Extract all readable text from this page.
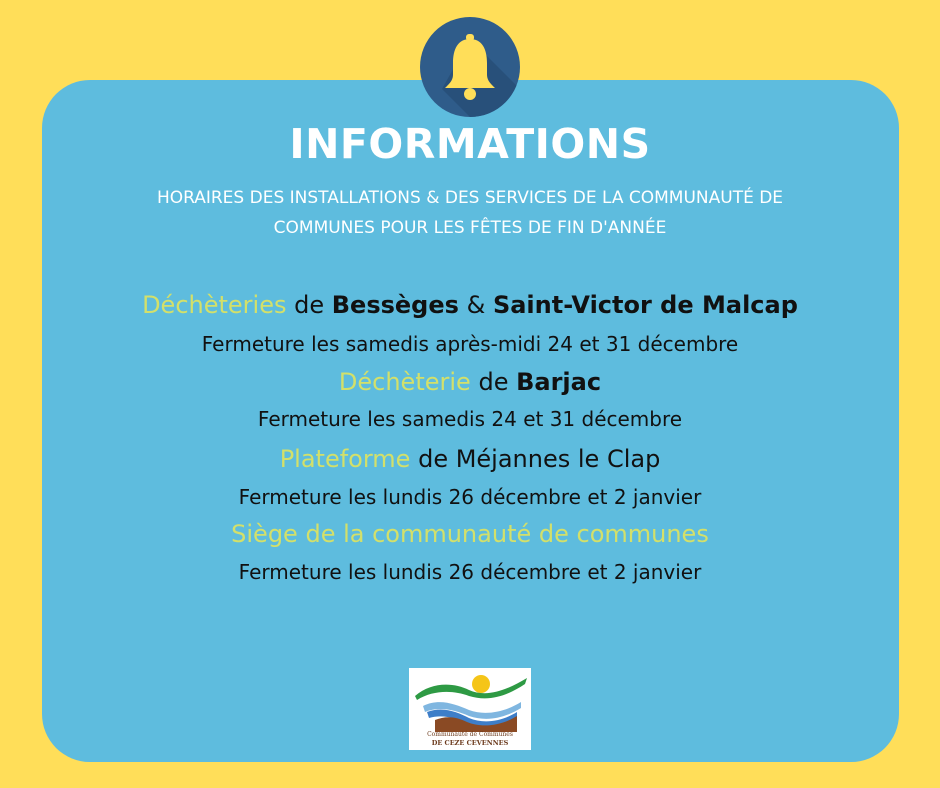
INFORMATIONS
HORAIRES DES INSTALLATIONS & DES SERVICES DE LA COMMUNAUTÉ DE
COMMUNES POUR LES FÊTES DE FIN D'ANNÉE
Déchèteries de Bessèges & Saint-Victor de Malcap
Fermeture les samedis après-midi 24 et 31 décembre
Déchèterie de Barjac
Fermeture les samedis 24 et 31 décembre
Plateforme de Méjannes le Clap
Fermeture les lundis 26 décembre et 2 janvier
Siège de la communauté de communes
Fermeture les lundis 26 décembre et 2 janvier
Communauté de Communes
DE CEZE CEVENNES
